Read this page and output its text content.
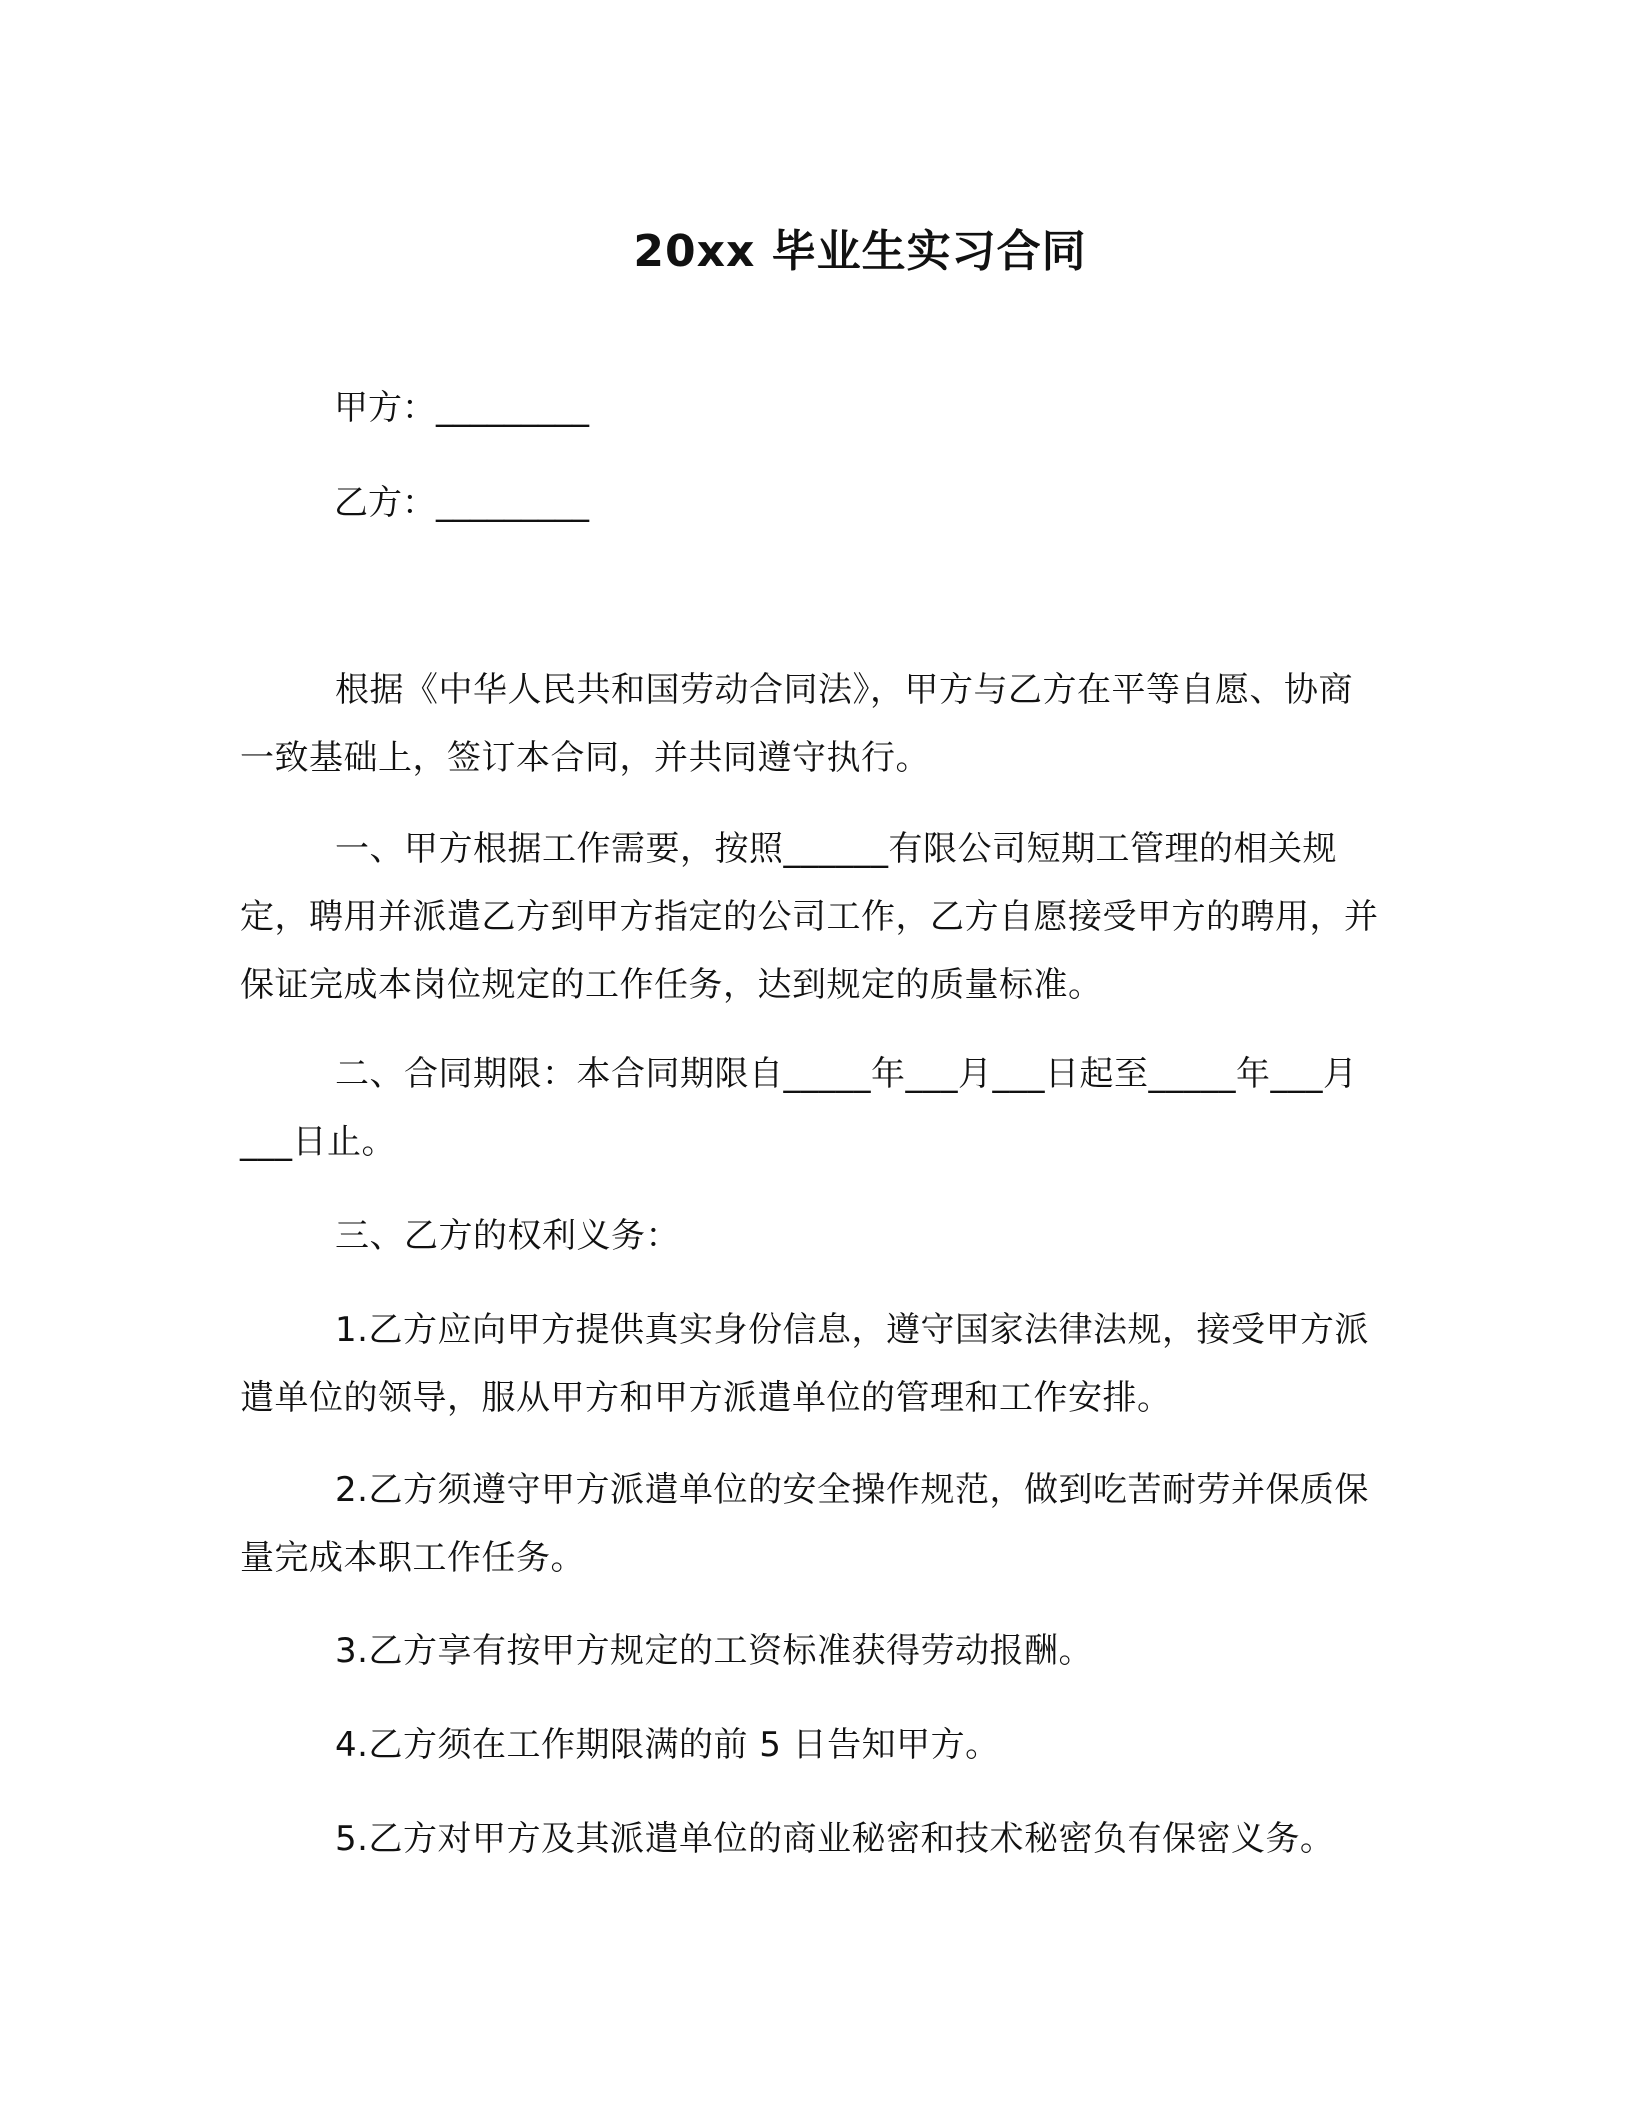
20xx 毕业生实习合同
甲方：_________
乙方：_________

根据《中华人民共和国劳动合同法》，甲方与乙方在平等自愿、协商一致基础上，签订本合同，并共同遵守执行。

一、甲方根据工作需要，按照______有限公司短期工管理的相关规定，聘用并派遣乙方到甲方指定的公司工作，乙方自愿接受甲方的聘用，并保证完成本岗位规定的工作任务，达到规定的质量标准。

二、合同期限：本合同期限自_____年___月___日起至_____年___月___日止。

三、乙方的权利义务：

1.乙方应向甲方提供真实身份信息，遵守国家法律法规，接受甲方派遣单位的领导，服从甲方和甲方派遣单位的管理和工作安排。

2.乙方须遵守甲方派遣单位的安全操作规范，做到吃苦耐劳并保质保量完成本职工作任务。

3.乙方享有按甲方规定的工资标准获得劳动报酬。

4.乙方须在工作期限满的前 5 日告知甲方。

5.乙方对甲方及其派遣单位的商业秘密和技术秘密负有保密义务。
